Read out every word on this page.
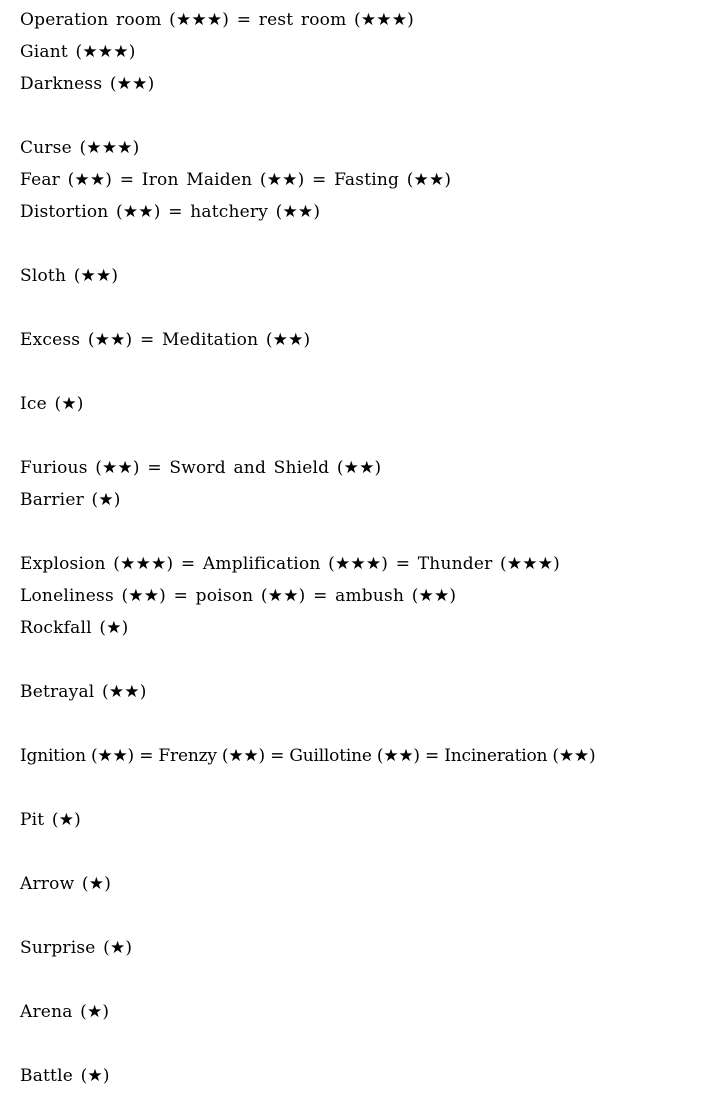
Operation room (★★★) = rest room (★★★)
Giant (★★★)
Darkness (★★)
Curse (★★★)
Fear (★★) = Iron Maiden (★★) = Fasting (★★)
Distortion (★★) = hatchery (★★)
Sloth (★★)
Excess (★★) = Meditation (★★)
Ice (★)
Furious (★★) = Sword and Shield (★★)
Barrier (★)
Explosion (★★★) = Amplification (★★★) = Thunder (★★★)
Loneliness (★★) = poison (★★) = ambush (★★)
Rockfall (★)
Betrayal (★★)
Ignition (★★) = Frenzy (★★) = Guillotine (★★) = Incineration (★★)
Pit (★)
Arrow (★)
Surprise (★)
Arena (★)
Battle (★)
